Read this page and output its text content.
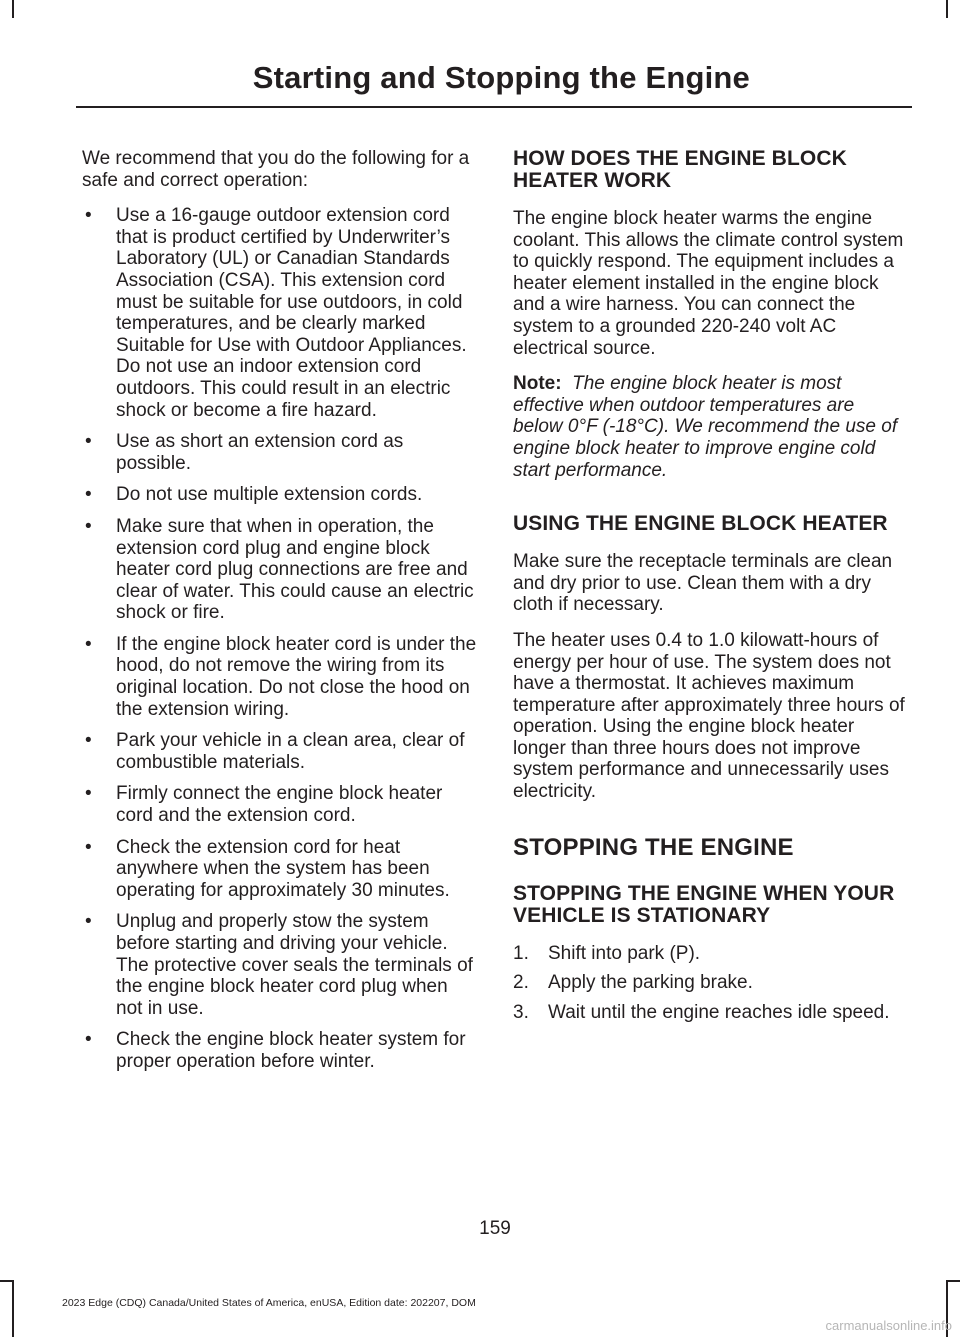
Starting and Stopping the Engine

We recommend that you do the following for a safe and correct operation:

• Use a 16-gauge outdoor extension cord that is product certified by Underwriter’s Laboratory (UL) or Canadian Standards Association (CSA). This extension cord must be suitable for use outdoors, in cold temperatures, and be clearly marked Suitable for Use with Outdoor Appliances. Do not use an indoor extension cord outdoors. This could result in an electric shock or become a fire hazard.
• Use as short an extension cord as possible.
• Do not use multiple extension cords.
• Make sure that when in operation, the extension cord plug and engine block heater cord plug connections are free and clear of water. This could cause an electric shock or fire.
• If the engine block heater cord is under the hood, do not remove the wiring from its original location. Do not close the hood on the extension wiring.
• Park your vehicle in a clean area, clear of combustible materials.
• Firmly connect the engine block heater cord and the extension cord.
• Check the extension cord for heat anywhere when the system has been operating for approximately 30 minutes.
• Unplug and properly stow the system before starting and driving your vehicle. The protective cover seals the terminals of the engine block heater cord plug when not in use.
• Check the engine block heater system for proper operation before winter.
HOW DOES THE ENGINE BLOCK HEATER WORK

The engine block heater warms the engine coolant. This allows the climate control system to quickly respond. The equipment includes a heater element installed in the engine block and a wire harness. You can connect the system to a grounded 220-240 volt AC electrical source.

Note: The engine block heater is most effective when outdoor temperatures are below 0°F (-18°C). We recommend the use of engine block heater to improve engine cold start performance.

USING THE ENGINE BLOCK HEATER

Make sure the receptacle terminals are clean and dry prior to use. Clean them with a dry cloth if necessary.

The heater uses 0.4 to 1.0 kilowatt-hours of energy per hour of use. The system does not have a thermostat. It achieves maximum temperature after approximately three hours of operation. Using the engine block heater longer than three hours does not improve system performance and unnecessarily uses electricity.

STOPPING THE ENGINE
STOPPING THE ENGINE WHEN YOUR VEHICLE IS STATIONARY
1. Shift into park (P).
2. Apply the parking brake.
3. Wait until the engine reaches idle speed.
159
2023 Edge (CDQ) Canada/United States of America, enUSA, Edition date: 202207, DOM
carmanualsonline.info
